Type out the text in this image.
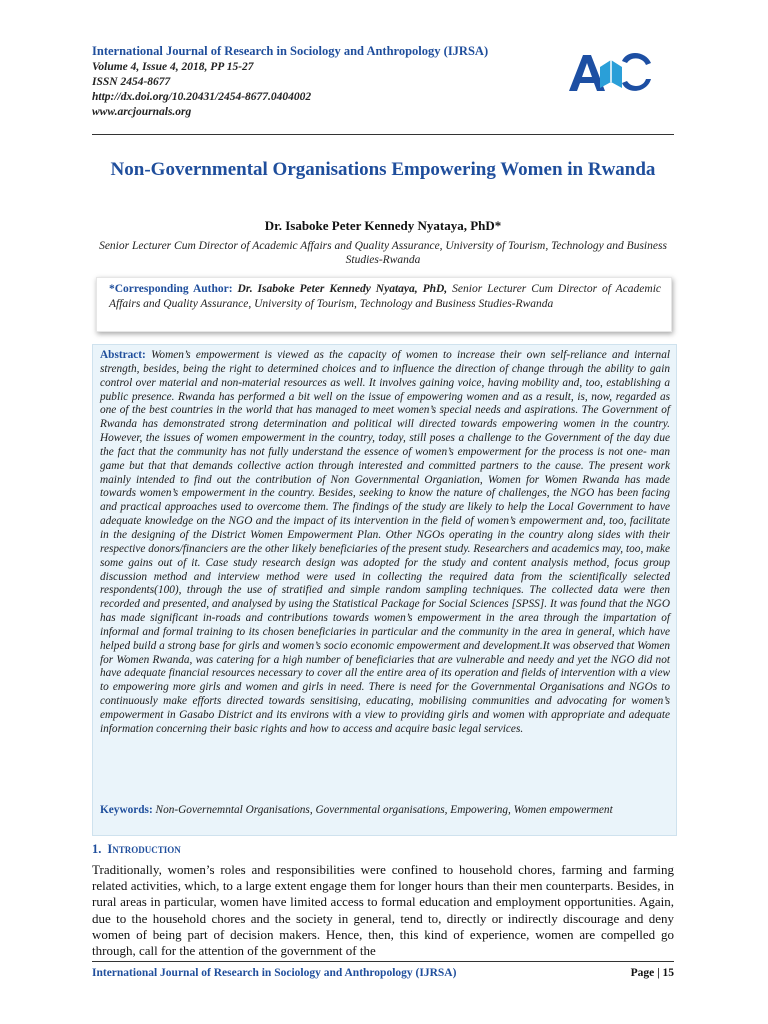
International Journal of Research in Sociology and Anthropology (IJRSA)
Volume 4, Issue 4, 2018, PP 15-27
ISSN 2454-8677
http://dx.doi.org/10.20431/2454-8677.0404002
www.arcjournals.org
ARC
Non-Governmental Organisations Empowering Women in Rwanda
Dr. Isaboke Peter Kennedy Nyataya, PhD*
Senior Lecturer Cum Director of Academic Affairs and Quality Assurance, University of Tourism, Technology and Business Studies-Rwanda
*Corresponding Author: Dr. Isaboke Peter Kennedy Nyataya, PhD, Senior Lecturer Cum Director of Academic Affairs and Quality Assurance, University of Tourism, Technology and Business Studies-Rwanda
Abstract: Women’s empowerment is viewed as the capacity of women to increase their own self-reliance and internal strength, besides, being the right to determined choices and to influence the direction of change through the ability to gain control over material and non-material resources as well. It involves gaining voice, having mobility and, too, establishing a public presence. Rwanda has performed a bit well on the issue of empowering women and as a result, is, now, regarded as one of the best countries in the world that has managed to meet women’s special needs and aspirations. The Government of Rwanda has demonstrated strong determination and political will directed towards empowering women in the country. However, the issues of women empowerment in the country, today, still poses a challenge to the Government of the day due the fact that the community has not fully understand the essence of women’s empowerment for the process is not one- man game but that that demands collective action through interested and committed partners to the cause. The present work mainly intended to find out the contribution of Non Governmental Organiation, Women for Women Rwanda has made towards women’s empowerment in the country. Besides, seeking to know the nature of challenges, the NGO has been facing and practical approaches used to overcome them. The findings of the study are likely to help the Local Government to have adequate knowledge on the NGO and the impact of its intervention in the field of women’s empowerment and, too, facilitate in the designing of the District Women Empowerment Plan. Other NGOs operating in the country along sides with their respective donors/financiers are the other likely beneficiaries of the present study. Researchers and academics may, too, make some gains out of it. Case study research design was adopted for the study and content analysis method, focus group discussion method and interview method were used in collecting the required data from the scientifically selected respondents(100), through the use of stratified and simple random sampling techniques. The collected data were then recorded and presented, and analysed by using the Statistical Package for Social Sciences [SPSS]. It was found that the NGO has made significant in-roads and contributions towards women’s empowerment in the area through the impartation of informal and formal training to its chosen beneficiaries in particular and the community in the area in general, which have helped build a strong base for girls and women’s socio economic empowerment and development.It was observed that Women for Women Rwanda, was catering for a high number of beneficiaries that are vulnerable and needy and yet the NGO did not have adequate financial resources necessary to cover all the entire area of its operation and fields of intervention with a view to empowering more girls and women and girls in need. There is need for the Governmental Organisations and NGOs to continuously make efforts directed towards sensitising, educating, mobilising communities and advocating for women’s empowerment in Gasabo District and its environs with a view to providing girls and women with appropriate and adequate information concerning their basic rights and how to access and acquire basic legal services.
Keywords: Non-Governemntal Organisations, Governmental organisations, Empowering, Women empowerment
1. Introduction
Traditionally, women’s roles and responsibilities were confined to household chores, farming and farming related activities, which, to a large extent engage them for longer hours than their men counterparts. Besides, in rural areas in particular, women have limited access to formal education and employment opportunities. Again, due to the household chores and the society in general, tend to, directly or indirectly discourage and deny women of being part of decision makers. Hence, then, this kind of experience, women are compelled go through, call for the attention of the government of the
International Journal of Research in Sociology and Anthropology (IJRSA)	Page | 15
